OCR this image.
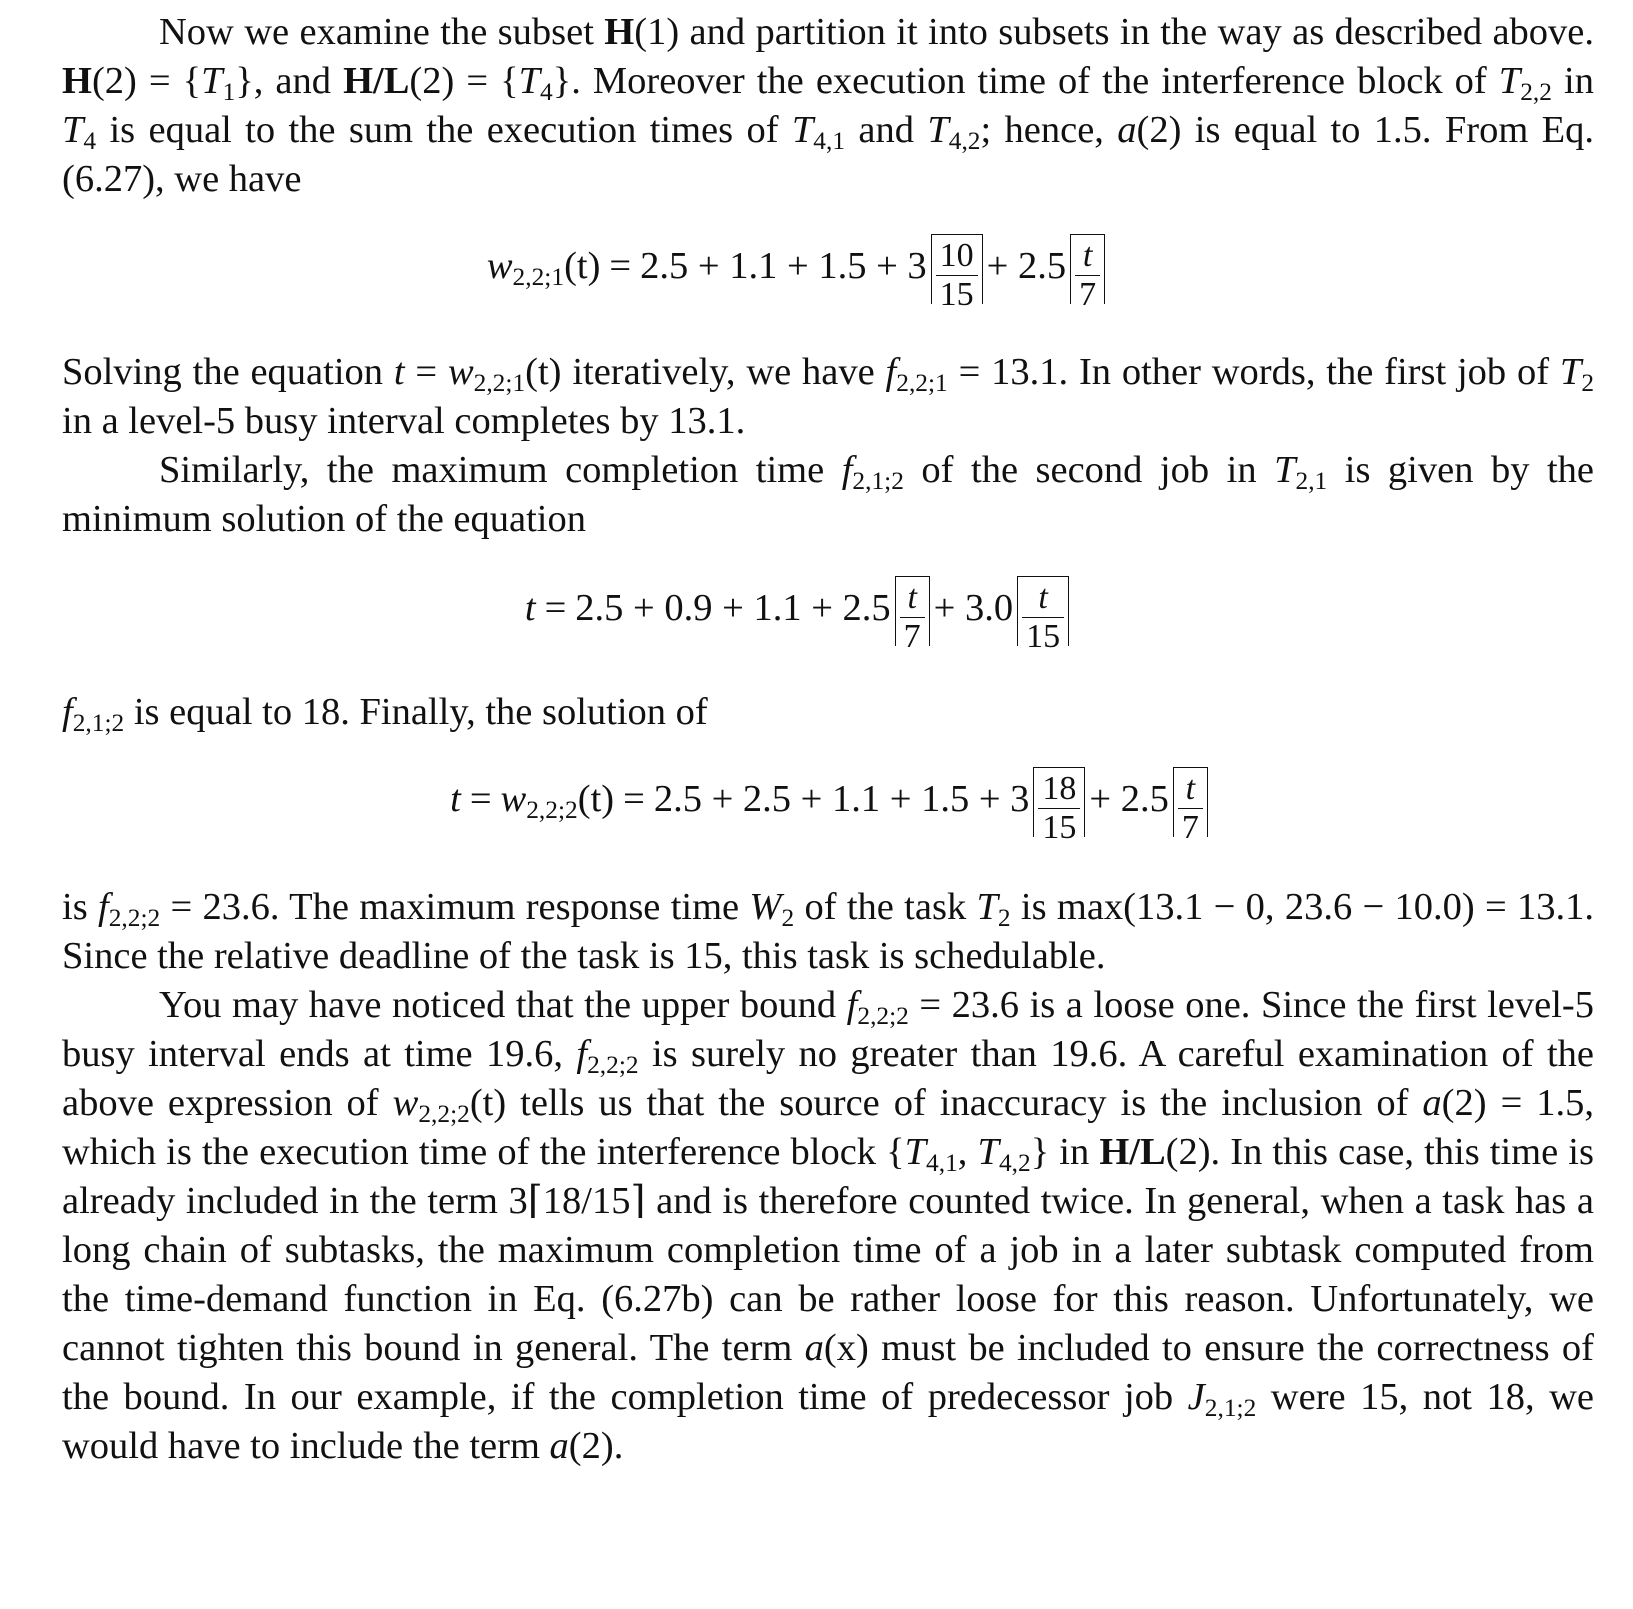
Now we examine the subset H(1) and partition it into subsets in the way as described above. $H(2) = \{T_1\}$, and $H/L(2) = \{T_4\}$. Moreover the execution time of the interference block of $T_{2,2}$ in $T_4$ is equal to the sum the execution times of $T_{4,1}$ and $T_{4,2}$; hence, a(2) is equal to 1.5. From Eq. (6.27), we have

$w_{2,2;1}(t) = 2.5 + 1.1 + 1.5 + 3 \frac{10}{15} + 2.5 \frac{t}{7}$

Solving the equation $t = w_{2,2;1}(t)$ iteratively, we have $f_{2,2;1} = 13.1$. In other words, the first job of $T_2$ in a level-5 busy interval completes by 13.1.

Similarly, the maximum completion time $f_{2,1;2}$ of the second job in $T_{2,1}$ is given by the minimum solution of the equation

$t = 2.5 + 0.9 + 1.1 + 2.5 \frac{t}{7} + 3.0 \frac{t}{15}$

$f_{2,1;2}$ is equal to 18. Finally, the solution of

$t = w_{2,2;2}(t) = 2.5 + 2.5 + 1.1 + 1.5 + 3 \frac{18}{15} + 2.5 \frac{t}{7}$

is $f_{2,2;2} = 23.6$. The maximum response time $W_2$ of the task $T_2$ is max(13.1 − 0, 23.6 − 10.0) = 13.1. Since the relative deadline of the task is 15, this task is schedulable.

You may have noticed that the upper bound $f_{2,2;2} = 23.6$ is a loose one. Since the first level-5 busy interval ends at time 19.6, $f_{2,2;2}$ is surely no greater than 19.6. A careful examination of the above expression of $w_{2,2;2}(t)$ tells us that the source of inaccuracy is the inclusion of a(2) = 1.5, which is the execution time of the interference block {$T_{4,1}$, $T_{4,2}$} in H/L(2). In this case, this time is already included in the term 3⌈18/15⌉ and is therefore counted twice. In general, when a task has a long chain of subtasks, the maximum completion time of a job in a later subtask computed from the time-demand function in Eq. (6.27b) can be rather loose for this reason. Unfortunately, we cannot tighten this bound in general. The term a(x) must be included to ensure the correctness of the bound. In our example, if the completion time of predecessor job $J_{2,1;2}$ were 15, not 18, we would have to include the term a(2).
